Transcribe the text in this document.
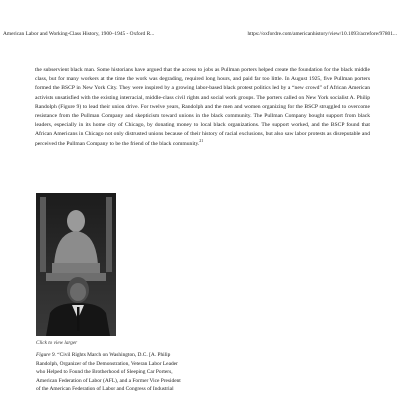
American Labor and Working-Class History, 1900–1945 - Oxford R...	https://oxfordre.com/americanhistory/view/10.1093/acrefore/97801...

the subservient black man. Some historians have argued that the access to jobs as Pullman porters helped create the foundation for the black middle class, but for many workers at the time the work was degrading, required long hours, and paid far too little. In August 1925, five Pullman porters formed the BSCP in New York City. They were inspired by a growing labor-based black protest politics led by a “new crowd” of African American activists unsatisfied with the existing interracial, middle-class civil rights and social work groups. The porters called on New York socialist A. Philip Randolph (Figure 9) to lead their union drive. For twelve years, Randolph and the men and women organizing for the BSCP struggled to overcome resistance from the Pullman Company and skepticism toward unions in the black community. The Pullman Company bought support from black leaders, especially in its home city of Chicago, by donating money to local black organizations. The support worked, and the BSCP found that African Americans in Chicago not only distrusted unions because of their history of racial exclusions, but also saw labor protests as disreputable and perceived the Pullman Company to be the friend of the black community.$^{21}$

Click to view larger

Figure 9. “Civil Rights March on Washington, D.C. [A. Philip Randolph, Organizer of the Demonstration, Veteran Labor Leader who Helped to Found the Brotherhood of Sleeping Car Porters, American Federation of Labor (AFL), and a Former Vice President of the American Federation of Labor and Congress of Industrial
